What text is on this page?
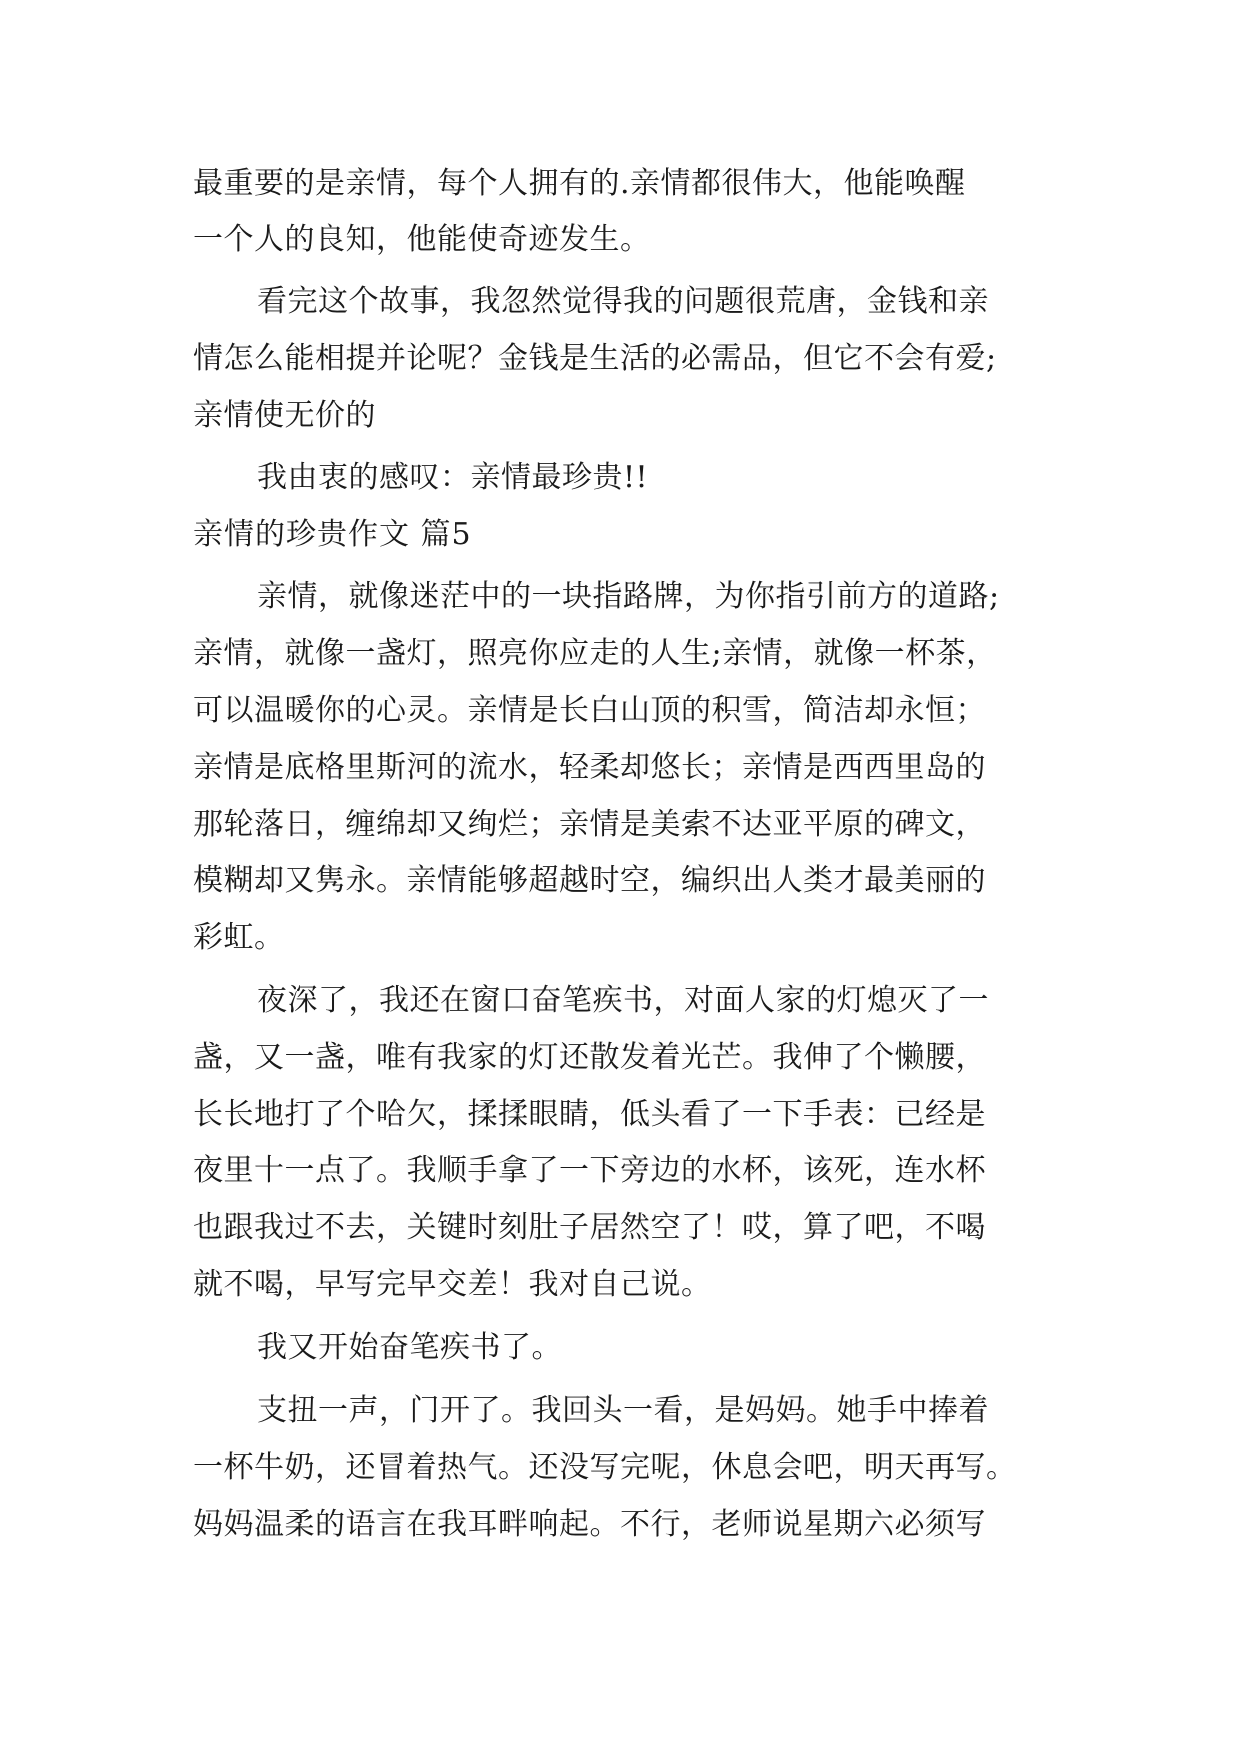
最重要的是亲情，每个人拥有的.亲情都很伟大，他能唤醒
一个人的良知，他能使奇迹发生。
看完这个故事，我忽然觉得我的问题很荒唐，金钱和亲
情怎么能相提并论呢？金钱是生活的必需品，但它不会有爱;
亲情使无价的
我由衷的感叹：亲情最珍贵!!
亲情的珍贵作文 篇5
亲情，就像迷茫中的一块指路牌，为你指引前方的道路;
亲情，就像一盏灯，照亮你应走的人生;亲情，就像一杯茶，
可以温暖你的心灵。亲情是长白山顶的积雪，简洁却永恒；
亲情是底格里斯河的流水，轻柔却悠长；亲情是西西里岛的
那轮落日，缠绵却又绚烂；亲情是美索不达亚平原的碑文，
模糊却又隽永。亲情能够超越时空，编织出人类才最美丽的
彩虹。
夜深了，我还在窗口奋笔疾书，对面人家的灯熄灭了一
盏，又一盏，唯有我家的灯还散发着光芒。我伸了个懒腰，
长长地打了个哈欠，揉揉眼睛，低头看了一下手表：已经是
夜里十一点了。我顺手拿了一下旁边的水杯，该死，连水杯
也跟我过不去，关键时刻肚子居然空了！哎，算了吧，不喝
就不喝，早写完早交差！我对自己说。
我又开始奋笔疾书了。
支扭一声，门开了。我回头一看，是妈妈。她手中捧着
一杯牛奶，还冒着热气。还没写完呢，休息会吧，明天再写。
妈妈温柔的语言在我耳畔响起。不行，老师说星期六必须写
